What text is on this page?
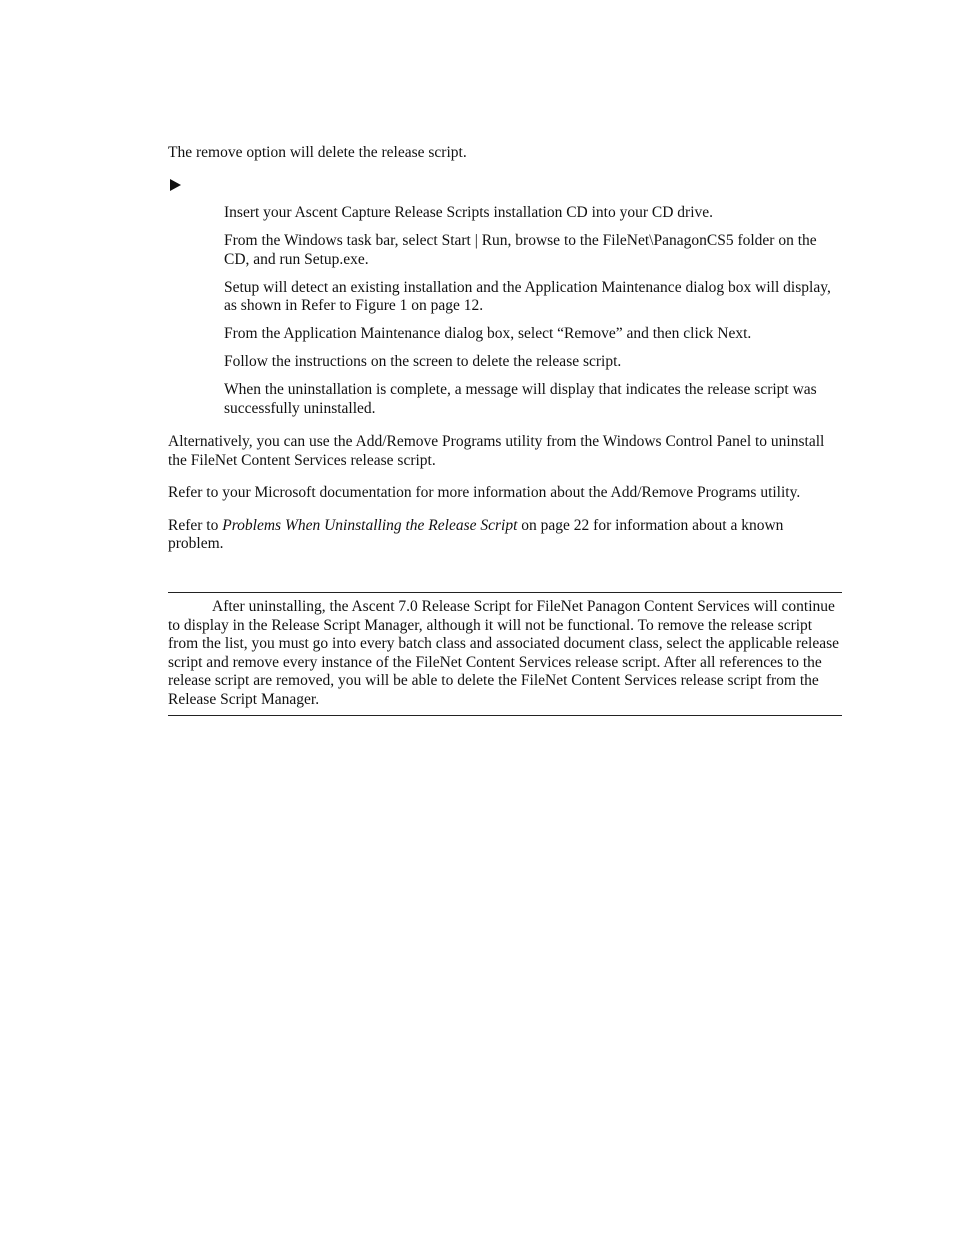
The remove option will delete the release script.

Insert your Ascent Capture Release Scripts installation CD into your CD drive.
From the Windows task bar, select Start | Run, browse to the FileNet\PanagonCS5 folder on the CD, and run Setup.exe.
Setup will detect an existing installation and the Application Maintenance dialog box will display, as shown in Refer to Figure 1 on page 12.
From the Application Maintenance dialog box, select “Remove” and then click Next.
Follow the instructions on the screen to delete the release script.
When the uninstallation is complete, a message will display that indicates the release script was successfully uninstalled.

Alternatively, you can use the Add/Remove Programs utility from the Windows Control Panel to uninstall the FileNet Content Services release script.

Refer to your Microsoft documentation for more information about the Add/Remove Programs utility.

Refer to Problems When Uninstalling the Release Script on page 22 for information about a known problem.

After uninstalling, the Ascent 7.0 Release Script for FileNet Panagon Content Services will continue to display in the Release Script Manager, although it will not be functional. To remove the release script from the list, you must go into every batch class and associated document class, select the applicable release script and remove every instance of the FileNet Content Services release script. After all references to the release script are removed, you will be able to delete the FileNet Content Services release script from the Release Script Manager.
